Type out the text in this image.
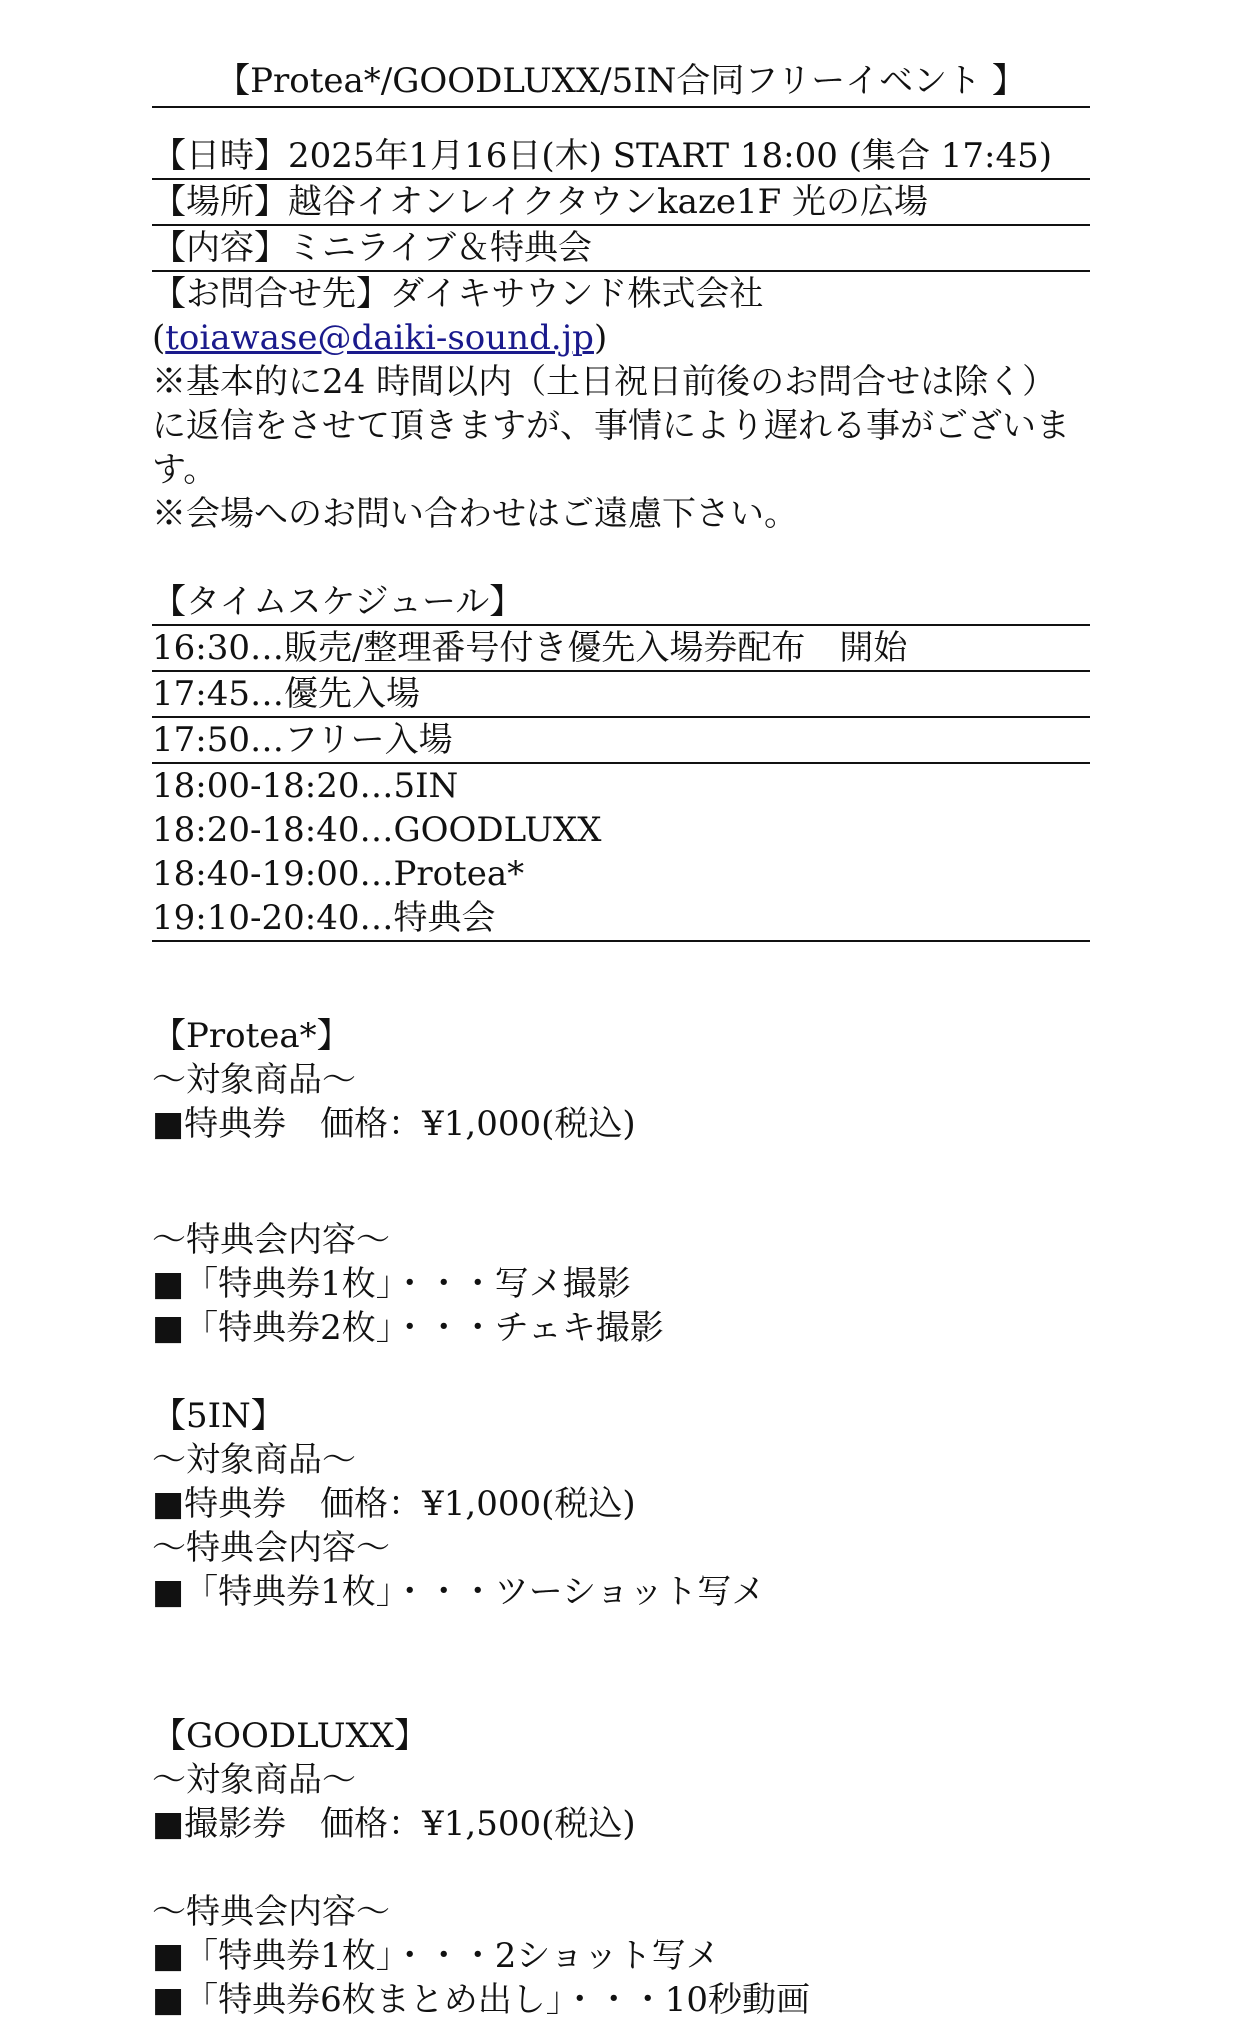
【Protea*/GOODLUXX/5IN合同フリーイベント 】
【日時】2025年1月16日(木) START 18:00 (集合 17:45)
【場所】越谷イオンレイクタウンkaze1F 光の広場
【内容】ミニライブ＆特典会
【お問合せ先】ダイキサウンド株式会社
(toiawase@daiki-sound.jp)
※基本的に24 時間以内（土日祝日前後のお問合せは除く）に返信をさせて頂きますが、事情により遅れる事がございます。
※会場へのお問い合わせはご遠慮下さい。
【タイムスケジュール】
16:30…販売/整理番号付き優先入場券配布　開始
17:45…優先入場
17:50…フリー入場
18:00-18:20…5IN
18:20-18:40…GOODLUXX
18:40-19:00…Protea*
19:10-20:40…特典会
【Protea*】
〜対象商品〜
■特典券　価格：¥1,000(税込)
〜特典会内容〜
■「特典券1枚」・・・写メ撮影
■「特典券2枚」・・・チェキ撮影
【5IN】
〜対象商品〜
■特典券　価格：¥1,000(税込)
〜特典会内容〜
■「特典券1枚」・・・ツーショット写メ
【GOODLUXX】
〜対象商品〜
■撮影券　価格：¥1,500(税込)
〜特典会内容〜
■「特典券1枚」・・・2ショット写メ
■「特典券6枚まとめ出し」・・・10秒動画
